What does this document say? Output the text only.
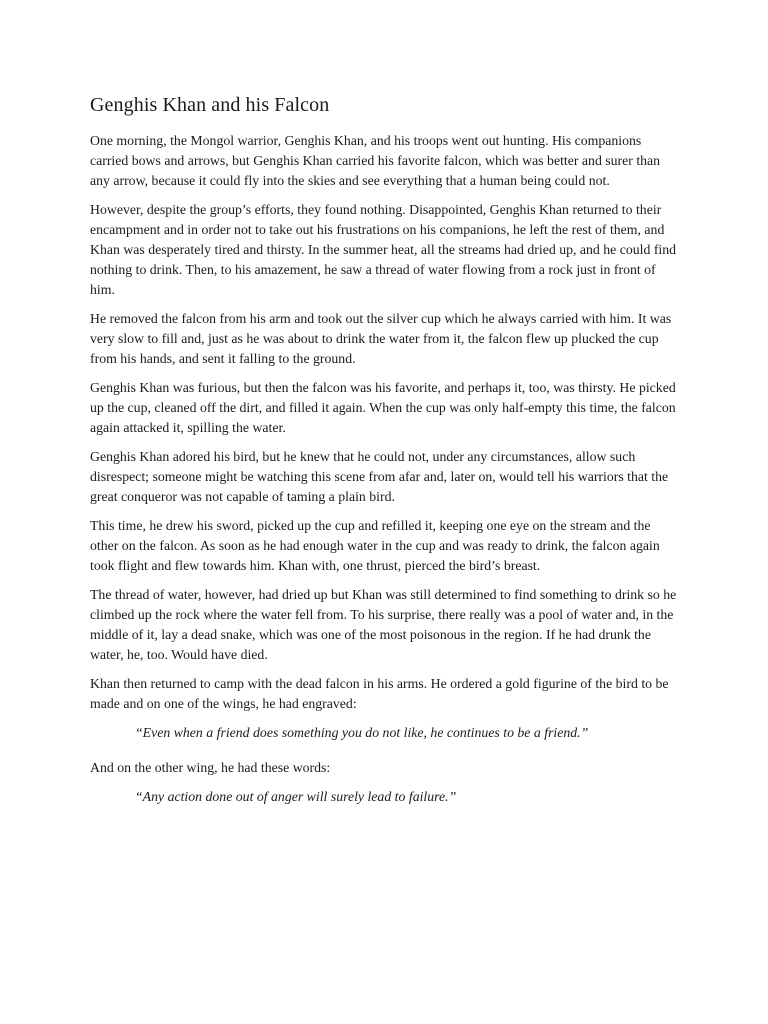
Genghis Khan and his Falcon

One morning, the Mongol warrior, Genghis Khan, and his troops went out hunting. His companions carried bows and arrows, but Genghis Khan carried his favorite falcon, which was better and surer than any arrow, because it could fly into the skies and see everything that a human being could not.

However, despite the group’s efforts, they found nothing. Disappointed, Genghis Khan returned to their encampment and in order not to take out his frustrations on his companions, he left the rest of them, and Khan was desperately tired and thirsty. In the summer heat, all the streams had dried up, and he could find nothing to drink. Then, to his amazement, he saw a thread of water flowing from a rock just in front of him.

He removed the falcon from his arm and took out the silver cup which he always carried with him. It was very slow to fill and, just as he was about to drink the water from it, the falcon flew up plucked the cup from his hands, and sent it falling to the ground.

Genghis Khan was furious, but then the falcon was his favorite, and perhaps it, too, was thirsty. He picked up the cup, cleaned off the dirt, and filled it again. When the cup was only half-empty this time, the falcon again attacked it, spilling the water.

Genghis Khan adored his bird, but he knew that he could not, under any circumstances, allow such disrespect; someone might be watching this scene from afar and, later on, would tell his warriors that the great conqueror was not capable of taming a plain bird.

This time, he drew his sword, picked up the cup and refilled it, keeping one eye on the stream and the other on the falcon. As soon as he had enough water in the cup and was ready to drink, the falcon again took flight and flew towards him. Khan with, one thrust, pierced the bird’s breast.

The thread of water, however, had dried up but Khan was still determined to find something to drink so he climbed up the rock where the water fell from. To his surprise, there really was a pool of water and, in the middle of it, lay a dead snake, which was one of the most poisonous in the region. If he had drunk the water, he, too. Would have died.

Khan then returned to camp with the dead falcon in his arms. He ordered a gold figurine of the bird to be made and on one of the wings, he had engraved:

“Even when a friend does something you do not like, he continues to be a friend.”

And on the other wing, he had these words:

“Any action done out of anger will surely lead to failure.”
